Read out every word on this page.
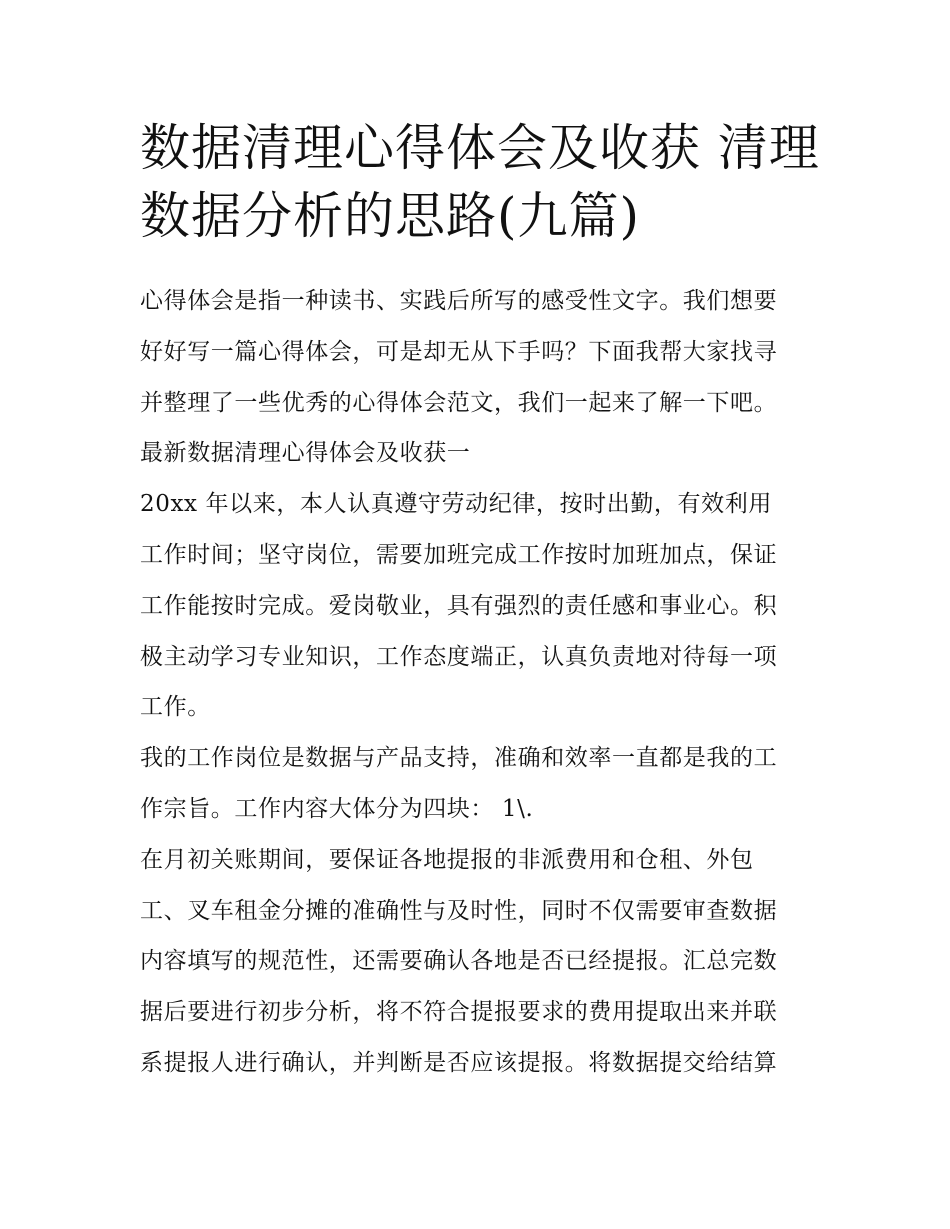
数据清理心得体会及收获 清理
数据分析的思路(九篇)
心得体会是指一种读书、实践后所写的感受性文字。我们想要
好好写一篇心得体会，可是却无从下手吗？下面我帮大家找寻
并整理了一些优秀的心得体会范文，我们一起来了解一下吧。
最新数据清理心得体会及收获一
20xx 年以来，本人认真遵守劳动纪律，按时出勤，有效利用
工作时间；坚守岗位，需要加班完成工作按时加班加点，保证
工作能按时完成。爱岗敬业，具有强烈的责任感和事业心。积
极主动学习专业知识，工作态度端正，认真负责地对待每一项
工作。
我的工作岗位是数据与产品支持，准确和效率一直都是我的工
作宗旨。工作内容大体分为四块： 1\.
在月初关账期间，要保证各地提报的非派费用和仓租、外包
工、叉车租金分摊的准确性与及时性，同时不仅需要审查数据
内容填写的规范性，还需要确认各地是否已经提报。汇总完数
据后要进行初步分析，将不符合提报要求的费用提取出来并联
系提报人进行确认，并判断是否应该提报。将数据提交给结算
